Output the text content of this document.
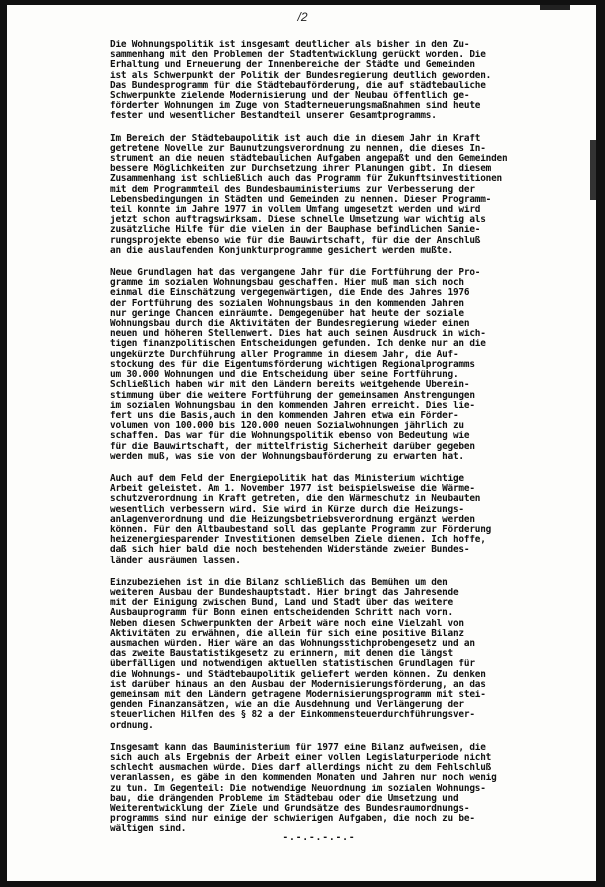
/2
Die Wohnungspolitik ist insgesamt deutlicher als bisher in den Zu-
sammenhang mit den Problemen der Stadtentwicklung gerückt worden. Die
Erhaltung und Erneuerung der Innenbereiche der Städte und Gemeinden
ist als Schwerpunkt der Politik der Bundesregierung deutlich geworden.
Das Bundesprogramm für die Städtebauförderung, die auf städtebauliche
Schwerpunkte zielende Modernisierung und der Neubau öffentlich ge-
förderter Wohnungen im Zuge von Stadterneuerungsmaßnahmen sind heute
fester und wesentlicher Bestandteil unserer Gesamtprogramms.
Im Bereich der Städtebaupolitik ist auch die in diesem Jahr in Kraft
getretene Novelle zur Baunutzungsverordnung zu nennen, die dieses In-
strument an die neuen städtebaulichen Aufgaben angepaßt und den Gemeinden
bessere Möglichkeiten zur Durchsetzung ihrer Planungen gibt. In diesem
Zusammenhang ist schließlich auch das Programm für Zukunftsinvestitionen
mit dem Programmteil des Bundesbauministeriums zur Verbesserung der
Lebensbedingungen in Städten und Gemeinden zu nennen. Dieser Programm-
teil konnte im Jahre 1977 in vollem Umfang umgesetzt werden und wird
jetzt schon auftragswirksam. Diese schnelle Umsetzung war wichtig als
zusätzliche Hilfe für die vielen in der Bauphase befindlichen Sanie-
rungsprojekte ebenso wie für die Bauwirtschaft, für die der Anschluß
an die auslaufenden Konjunkturprogramme gesichert werden mußte.
Neue Grundlagen hat das vergangene Jahr für die Fortführung der Pro-
gramme im sozialen Wohnungsbau geschaffen. Hier muß man sich noch
einmal die Einschätzung vergegenwärtigen, die Ende des Jahres 1976
der Fortführung des sozialen Wohnungsbaus in den kommenden Jahren
nur geringe Chancen einräumte. Demgegenüber hat heute der soziale
Wohnungsbau durch die Aktivitäten der Bundesregierung wieder einen
neuen und höheren Stellenwert. Dies hat auch seinen Ausdruck in wich-
tigen finanzpolitischen Entscheidungen gefunden. Ich denke nur an die
ungekürzte Durchführung aller Programme in diesem Jahr, die Auf-
stockung des für die Eigentumsförderung wichtigen Regionalprogramms
um 30.000 Wohnungen und die Entscheidung über seine Fortführung.
Schließlich haben wir mit den Ländern bereits weitgehende Überein-
stimmung über die weitere Fortführung der gemeinsamen Anstrengungen
im sozialen Wohnungsbau in den kommenden Jahren erreicht. Dies lie-
fert uns die Basis,auch in den kommenden Jahren etwa ein Förder-
volumen von 100.000 bis 120.000 neuen Sozialwohnungen jährlich zu
schaffen. Das war für die Wohnungspolitik ebenso von Bedeutung wie
für die Bauwirtschaft, der mittelfristig Sicherheit darüber gegeben
werden muß, was sie von der Wohnungsbauförderung zu erwarten hat.
Auch auf dem Feld der Energiepolitik hat das Ministerium wichtige
Arbeit geleistet. Am 1. November 1977 ist beispielsweise die Wärme-
schutzverordnung in Kraft getreten, die den Wärmeschutz in Neubauten
wesentlich verbessern wird. Sie wird in Kürze durch die Heizungs-
anlagenverordnung und die Heizungsbetriebsverordnung ergänzt werden
können. Für den Altbaubestand soll das geplante Programm zur Förderung
heizenergiesparender Investitionen demselben Ziele dienen. Ich hoffe,
daß sich hier bald die noch bestehenden Widerstände zweier Bundes-
länder ausräumen lassen.
Einzubeziehen ist in die Bilanz schließlich das Bemühen um den
weiteren Ausbau der Bundeshauptstadt. Hier bringt das Jahresende
mit der Einigung zwischen Bund, Land und Stadt über das weitere
Ausbauprogramm für Bonn einen entscheidenden Schritt nach vorn.
Neben diesen Schwerpunkten der Arbeit wäre noch eine Vielzahl von
Aktivitäten zu erwähnen, die allein für sich eine positive Bilanz
ausmachen würden. Hier wäre an das Wohnungsstichprobengesetz und an
das zweite Baustatistikgesetz zu erinnern, mit denen die längst
überfälligen und notwendigen aktuellen statistischen Grundlagen für
die Wohnungs- und Städtebaupolitik geliefert werden können. Zu denken
ist darüber hinaus an den Ausbau der Modernisierungsförderung, an das
gemeinsam mit den Ländern getragene Modernisierungsprogramm mit stei-
genden Finanzansätzen, wie an die Ausdehnung und Verlängerung der
steuerlichen Hilfen des § 82 a der Einkommensteuerdurchführungsver-
ordnung.
Insgesamt kann das Bauministerium für 1977 eine Bilanz aufweisen, die
sich auch als Ergebnis der Arbeit einer vollen Legislaturperiode nicht
schlecht ausmachen würde. Dies darf allerdings nicht zu dem Fehlschluß
veranlassen, es gäbe in den kommenden Monaten und Jahren nur noch wenig
zu tun. Im Gegenteil: Die notwendige Neuordnung im sozialen Wohnungs-
bau, die drängenden Probleme im Städtebau oder die Umsetzung und
Weiterentwicklung der Ziele und Grundsätze des Bundesraumordnungs-
programms sind nur einige der schwierigen Aufgaben, die noch zu be-
wältigen sind.
-.-.-.-.-.-
